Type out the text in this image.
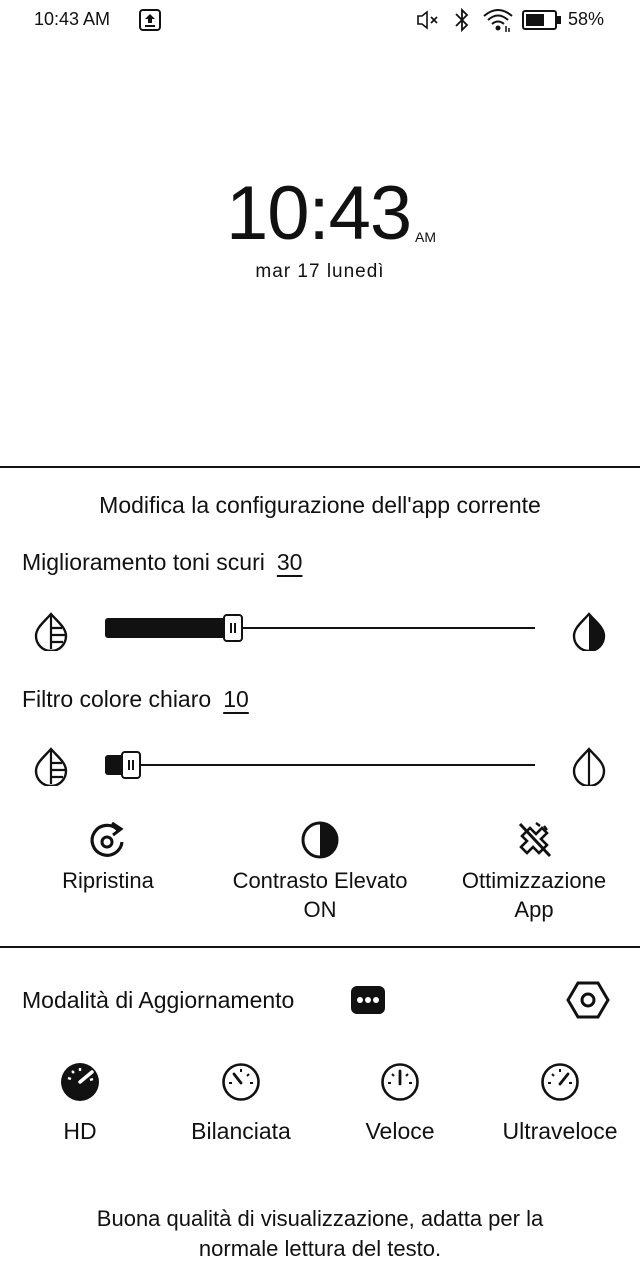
10:43 AM	58%
10:43 AM
mar 17 lunedì
Modifica la configurazione dell'app corrente
Miglioramento toni scuri 30
Filtro colore chiaro 10
Ripristina	Contrasto Elevato
ON
Ottimizzazione
App
Modalità di Aggiornamento
HD	Bilanciata	Veloce	Ultraveloce
Buona qualità di visualizzazione, adatta per la
normale lettura del testo.
